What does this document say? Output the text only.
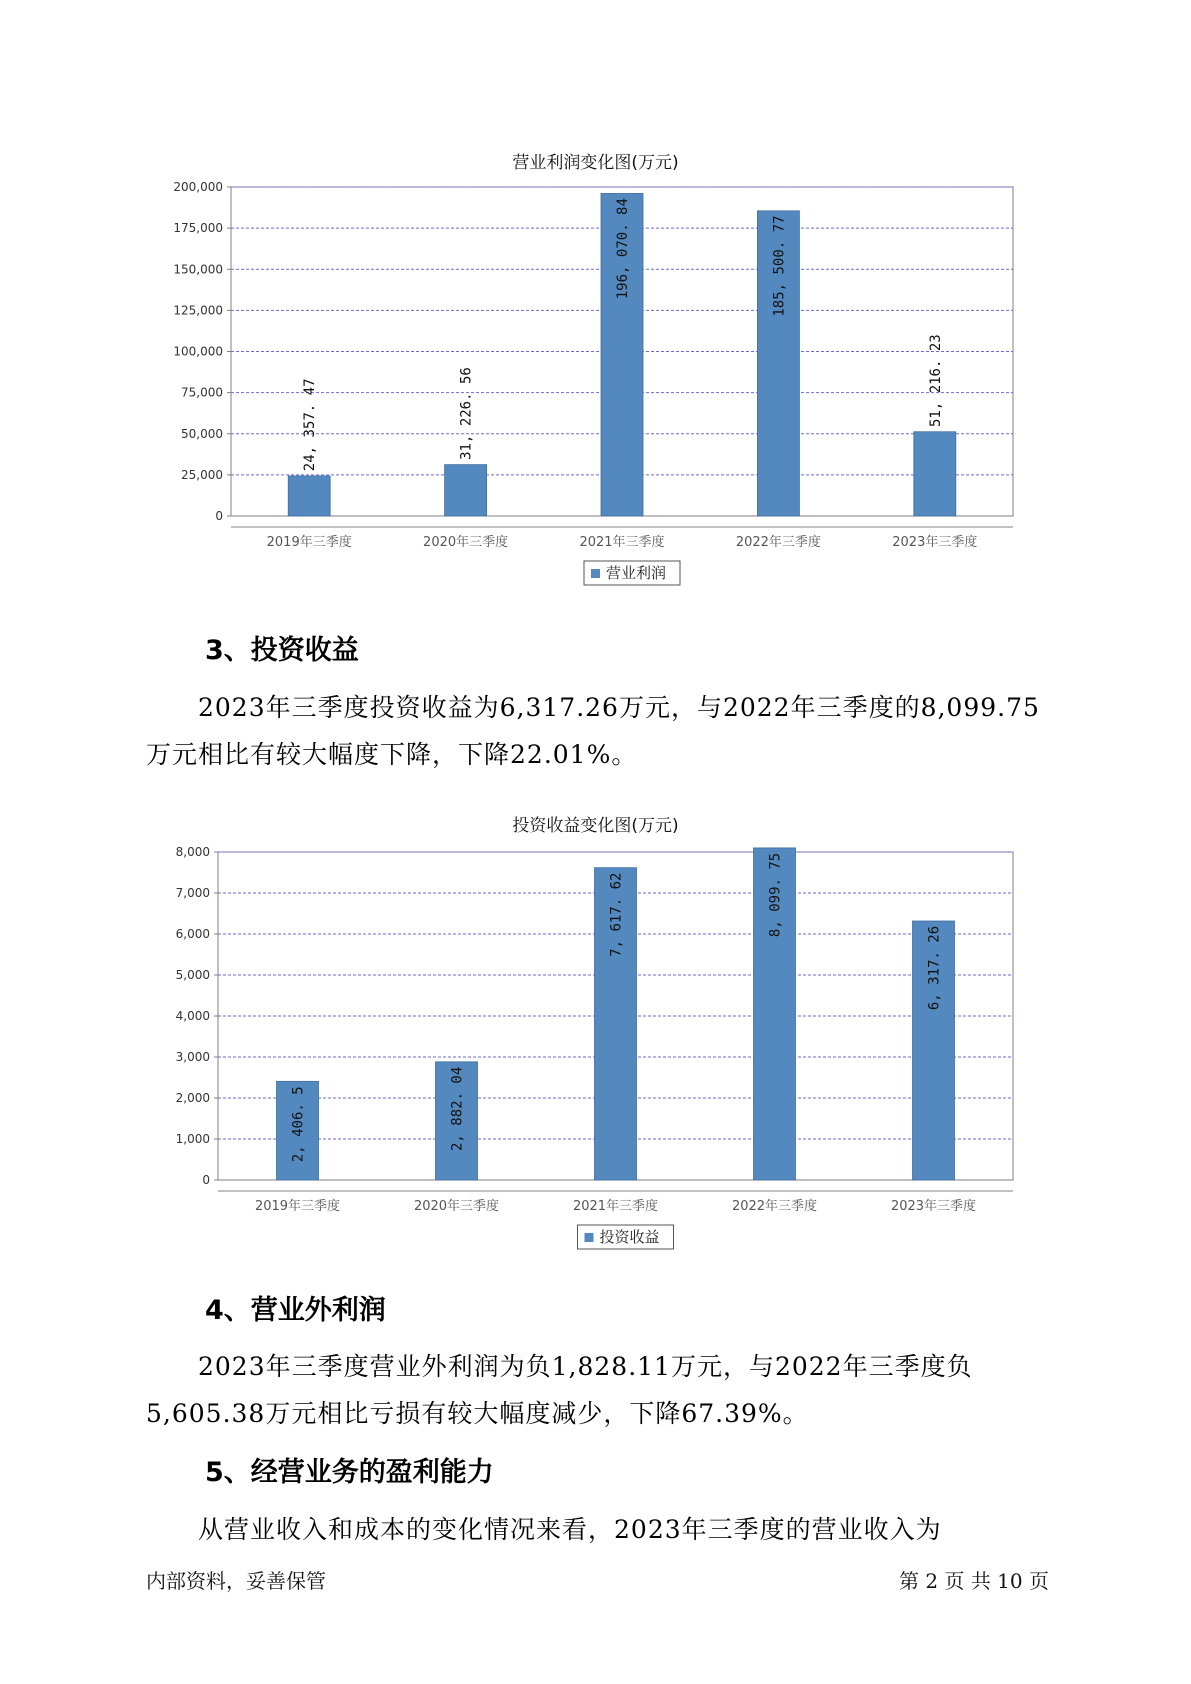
营业利润变化图(万元)
0
25,000
50,000
75,000
100,000
125,000
150,000
175,000
200,000
24, 357. 47
2019年三季度
31, 226. 56
2020年三季度
196, 070. 84
2021年三季度
185, 500. 77
2022年三季度
51, 216. 23
2023年三季度
营业利润
3、投资收益
2023年三季度投资收益为6,317.26万元，与2022年三季度的8,099.75
万元相比有较大幅度下降，下降22.01%。
投资收益变化图(万元)
0
1,000
2,000
3,000
4,000
5,000
6,000
7,000
8,000
2, 406. 5
2019年三季度
2, 882. 04
2020年三季度
7, 617. 62
2021年三季度
8, 099. 75
2022年三季度
6, 317. 26
2023年三季度
投资收益
4、营业外利润
2023年三季度营业外利润为负1,828.11万元，与2022年三季度负
5,605.38万元相比亏损有较大幅度减少，下降67.39%。
5、经营业务的盈利能力
从营业收入和成本的变化情况来看，2023年三季度的营业收入为
内部资料，妥善保管	第 2 页 共 10 页
